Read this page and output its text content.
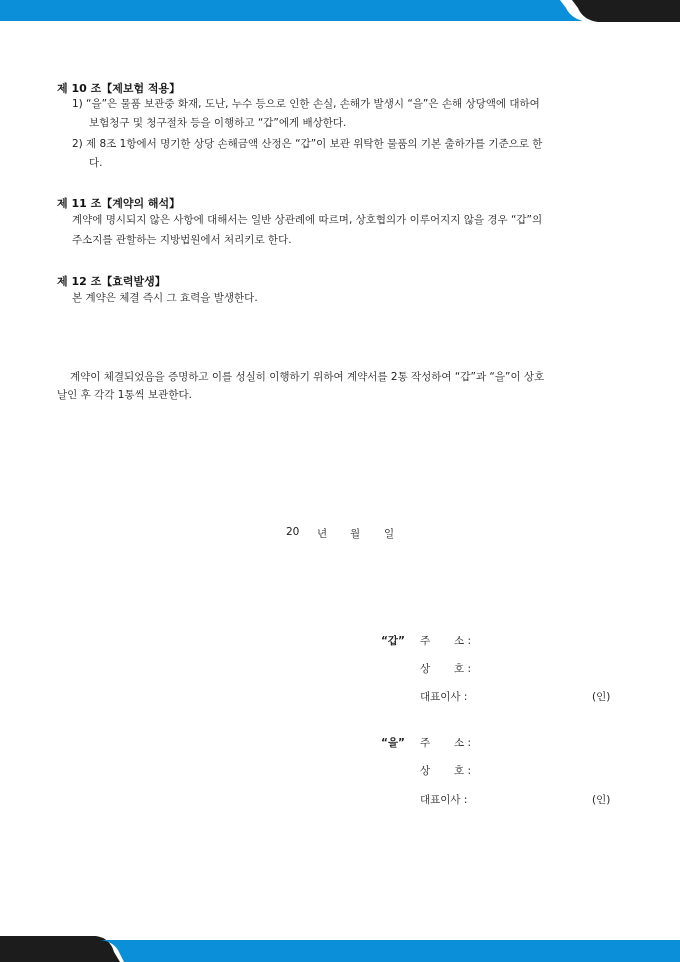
제 10 조【제보험 적용】
1) “을”은 물품 보관중 화재, 도난, 누수 등으로 인한 손실, 손해가 발생시 “을”은 손해 상당액에 대하여
보험청구 및 청구절차 등을 이행하고 “갑”에게 배상한다.
2) 제 8조 1항에서 명기한 상당 손해금액 산정은 “갑”이 보관 위탁한 물품의 기본 출하가를 기준으로 한
다.
제 11 조【계약의 해석】
계약에 명시되지 않은 사항에 대해서는 일반 상관례에 따르며, 상호협의가 이루어지지 않을 경우 “갑”의
주소지를 관할하는 지방법원에서 처리키로 한다.
제 12 조【효력발생】
본 계약은 체결 즉시 그 효력을 발생한다.
계약이 체결되었음을 증명하고 이를 성실히 이행하기 위하여 계약서를 2통 작성하여 “갑”과 “을”이 상호
날인 후 각각 1통씩 보관한다.
20 년 월 일
“갑” 주 소 :
상 호 :
대표이사 :	(인)
“을” 주 소 :
상 호 :
대표이사 :	(인)
